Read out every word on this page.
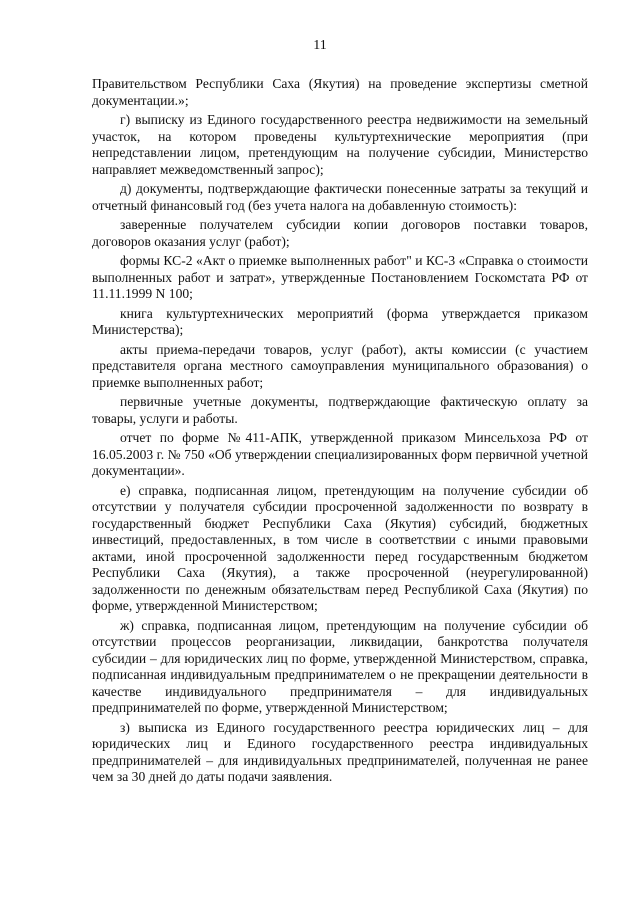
11

Правительством Республики Саха (Якутия) на проведение экспертизы сметной документации.»;

г) выписку из Единого государственного реестра недвижимости на земельный участок, на котором проведены культуртехнические мероприятия (при непредставлении лицом, претендующим на получение субсидии, Министерство направляет межведомственный запрос);

д) документы, подтверждающие фактически понесенные затраты за текущий и отчетный финансовый год (без учета налога на добавленную стоимость):

заверенные получателем субсидии копии договоров поставки товаров, договоров оказания услуг (работ);

формы КС-2 «Акт о приемке выполненных работ" и КС-3 «Справка о стоимости выполненных работ и затрат», утвержденные Постановлением Госкомстата РФ от 11.11.1999 N 100;

книга культуртехнических мероприятий (форма утверждается приказом Министерства);

акты приема-передачи товаров, услуг (работ), акты комиссии (с участием представителя органа местного самоуправления муниципального образования) о приемке выполненных работ;

первичные учетные документы, подтверждающие фактическую оплату за товары, услуги и работы.

отчет по форме №411-АПК, утвержденной приказом Минсельхоза РФ от 16.05.2003 г. № 750 «Об утверждении специализированных форм первичной учетной документации».

е) справка, подписанная лицом, претендующим на получение субсидии об отсутствии у получателя субсидии просроченной задолженности по возврату в государственный бюджет Республики Саха (Якутия) субсидий, бюджетных инвестиций, предоставленных, в том числе в соответствии с иными правовыми актами, иной просроченной задолженности перед государственным бюджетом Республики Саха (Якутия), а также просроченной (неурегулированной) задолженности по денежным обязательствам перед Республикой Саха (Якутия) по форме, утвержденной Министерством;

ж) справка, подписанная лицом, претендующим на получение субсидии об отсутствии процессов реорганизации, ликвидации, банкротства получателя субсидии – для юридических лиц по форме, утвержденной Министерством, справка, подписанная индивидуальным предпринимателем о не прекращении деятельности в качестве индивидуального предпринимателя – для индивидуальных предпринимателей по форме, утвержденной Министерством;

з) выписка из Единого государственного реестра юридических лиц – для юридических лиц и Единого государственного реестра индивидуальных предпринимателей – для индивидуальных предпринимателей, полученная не ранее чем за 30 дней до даты подачи заявления.
